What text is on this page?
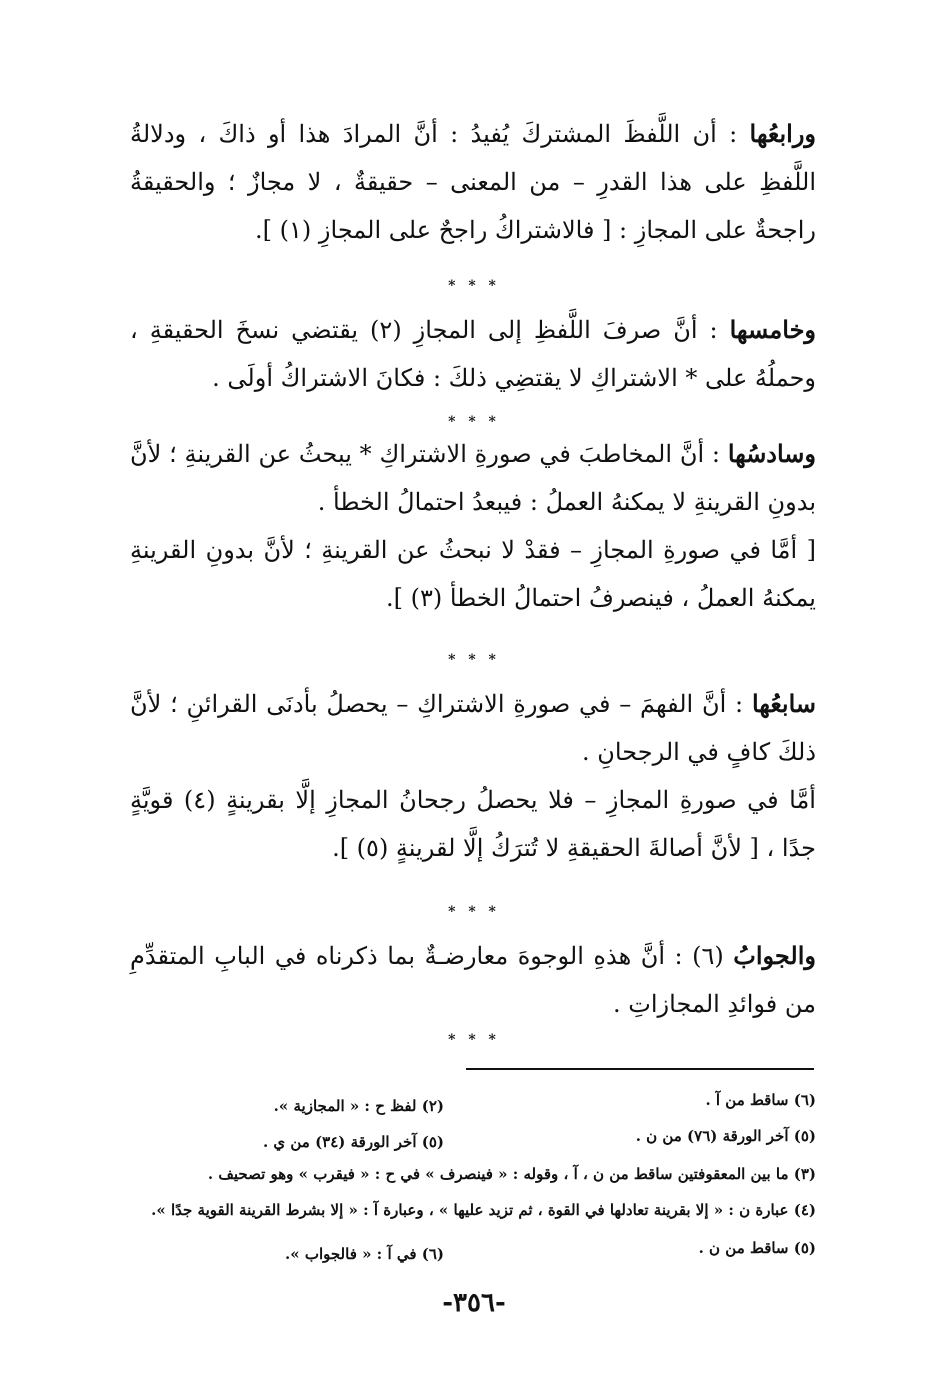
ورابعُها : أن اللَّفظَ المشتركَ يُفيدُ : أنَّ المرادَ هذا أو ذاكَ ، ودلالةُ اللَّفظِ على هذا القدرِ – من المعنى – حقيقةٌ ، لا مجازٌ ؛ والحقيقةُ راجحةٌ على المجازِ : [ فالاشتراكُ راجحٌ على المجازِ (١) ].
* * *
وخامسها : أنَّ صرفَ اللَّفظِ إلى المجازِ (٢) يقتضي نسخَ الحقيقةِ ، وحملُهُ على * الاشتراكِ لا يقتضِي ذلكَ : فكانَ الاشتراكُ أولَى .
* * *
وسادسُها : أنَّ المخاطبَ في صورةِ الاشتراكِ * يبحثُ عن القرينةِ ؛ لأنَّ بدونِ القرينةِ لا يمكنهُ العملُ : فيبعدُ احتمالُ الخطأ .
[ أمَّا في صورةِ المجازِ – فقدْ لا نبحثُ عن القرينةِ ؛ لأنَّ بدونِ القرينةِ يمكنهُ العملُ ، فينصرفُ احتمالُ الخطأ (٣) ].
* * *
سابعُها : أنَّ الفهمَ – في صورةِ الاشتراكِ – يحصلُ بأدنَى القرائنِ ؛ لأنَّ ذلكَ كافٍ في الرجحانِ .
أمَّا في صورةِ المجازِ – فلا يحصلُ رجحانُ المجازِ إلَّا بقرينةٍ (٤) قويَّةٍ جدًا ، [ لأنَّ أصالةَ الحقيقةِ لا تُترَكُ إلَّا لقرينةٍ (٥) ].
* * *
والجوابُ (٦) : أنَّ هذهِ الوجوهَ معارضـةٌ بما ذكرناه في البابِ المتقدِّمِ من فوائدِ المجازاتِ .
* * *
(٦) ساقط من آ .
(٢) لفظ ح : « المجازية ».
(٥) آخر الورقة (٧٦) من ن .
(٥) آخر الورقة (٣٤) من ي .
(٣) ما بين المعقوفتين ساقط من ن ، آ ، وقوله : « فينصرف » في ح : « فيقرب » وهو تصحيف .
(٤) عبارة ن : « إلا بقرينة تعادلها في القوة ، ثم تزيد عليها » ، وعبارة آ : « إلا بشرط القرينة القوية جدًا ».
(٥) ساقط من ن .
(٦) في آ : « فالجواب ».
-٣٥٦-
